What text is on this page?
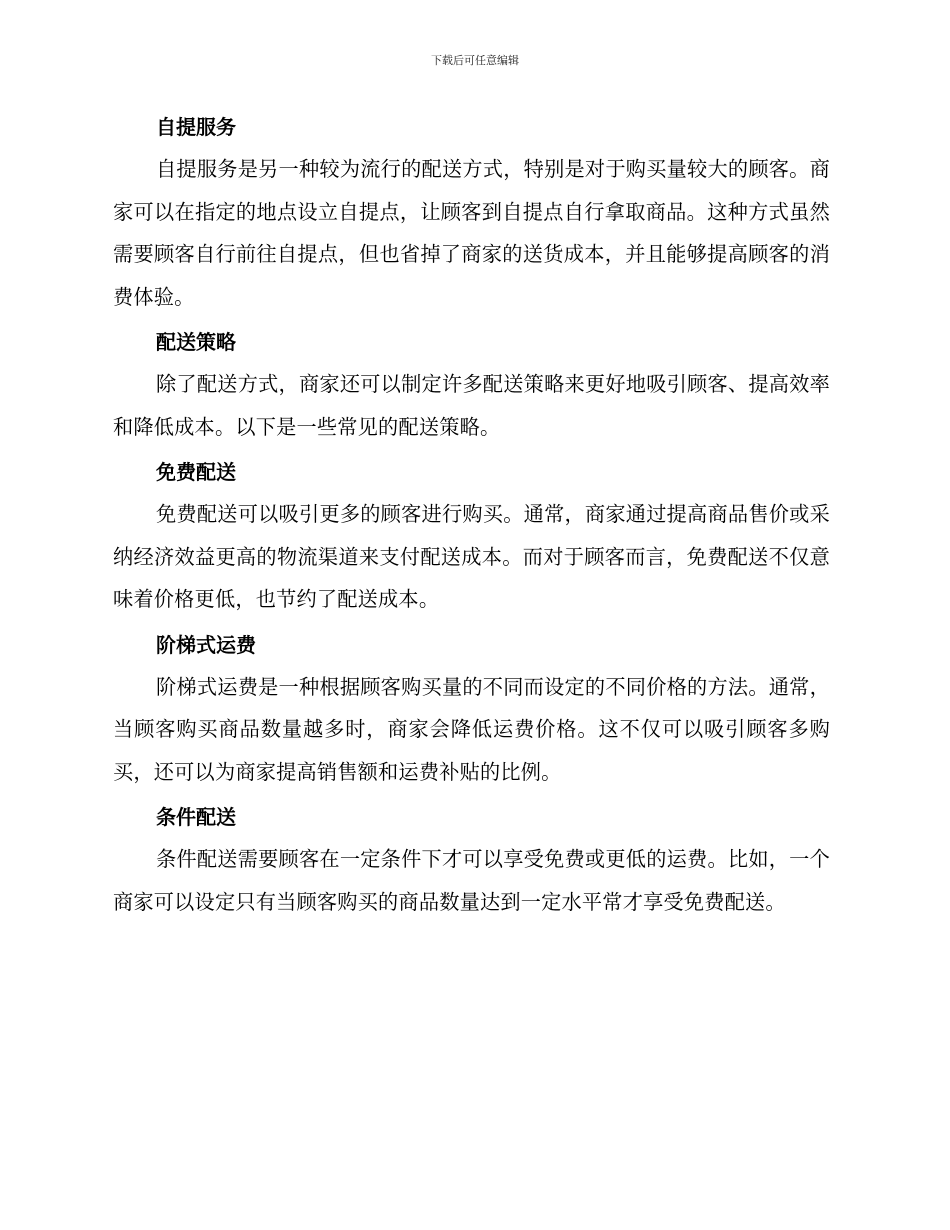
下载后可任意编辑
自提服务

自提服务是另一种较为流行的配送方式，特别是对于购买量较大的顾客。商家可以在指定的地点设立自提点，让顾客到自提点自行拿取商品。这种方式虽然需要顾客自行前往自提点，但也省掉了商家的送货成本，并且能够提高顾客的消费体验。

配送策略

除了配送方式，商家还可以制定许多配送策略来更好地吸引顾客、提高效率和降低成本。以下是一些常见的配送策略。

免费配送

免费配送可以吸引更多的顾客进行购买。通常，商家通过提高商品售价或采纳经济效益更高的物流渠道来支付配送成本。而对于顾客而言，免费配送不仅意味着价格更低，也节约了配送成本。

阶梯式运费

阶梯式运费是一种根据顾客购买量的不同而设定的不同价格的方法。通常，当顾客购买商品数量越多时，商家会降低运费价格。这不仅可以吸引顾客多购买，还可以为商家提高销售额和运费补贴的比例。

条件配送

条件配送需要顾客在一定条件下才可以享受免费或更低的运费。比如，一个商家可以设定只有当顾客购买的商品数量达到一定水平常才享受免费配送。
